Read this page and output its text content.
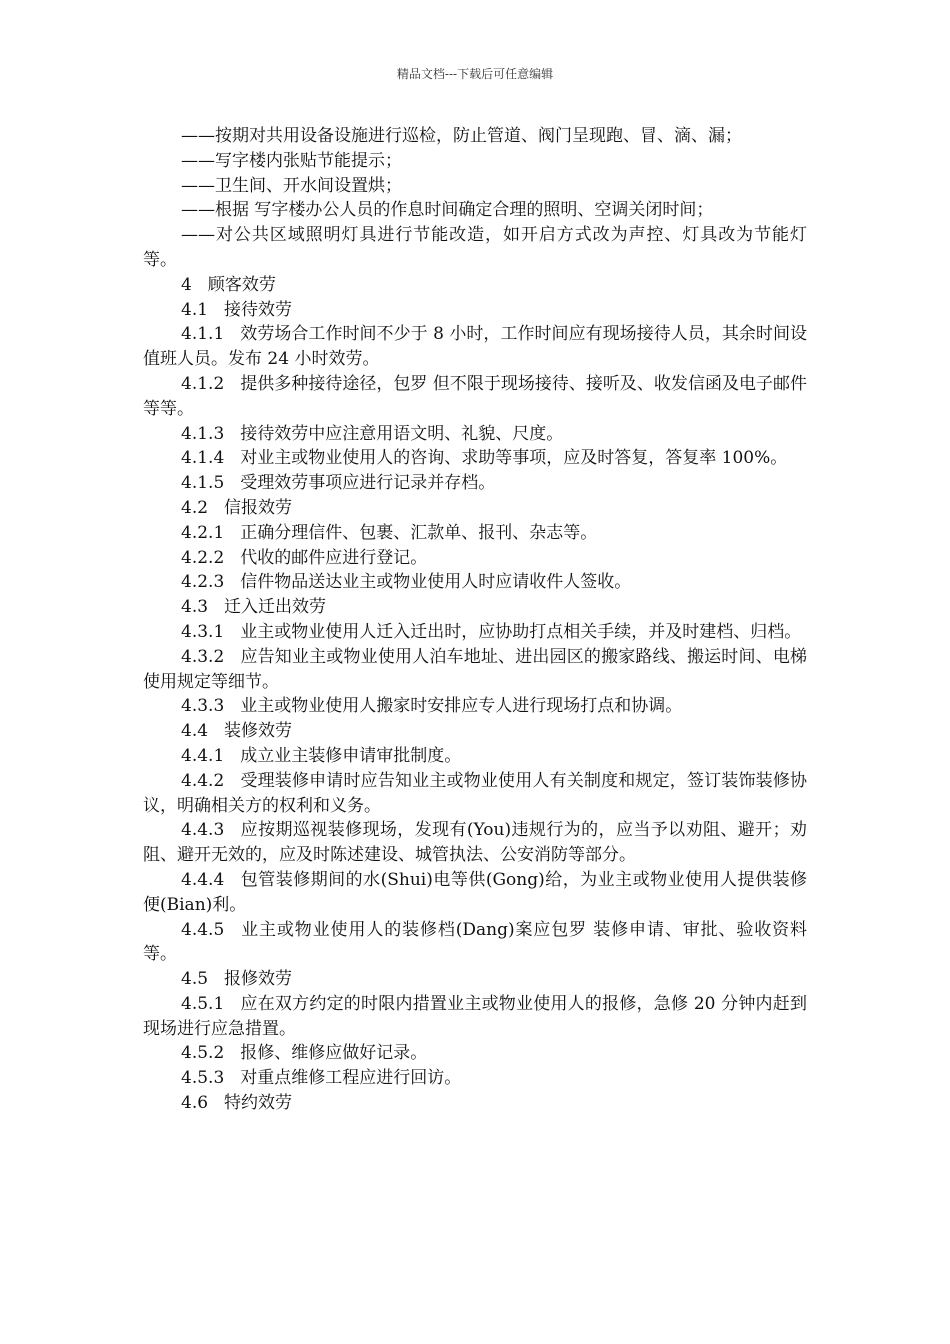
精品文档---下载后可任意编辑

——按期对共用设备设施进行巡检，防止管道、阀门呈现跑、冒、滴、漏；

——写字楼内张贴节能提示；

——卫生间、开水间设置烘；

——根据 写字楼办公人员的作息时间确定合理的照明、空调关闭时间；

——对公共区域照明灯具进行节能改造，如开启方式改为声控、灯具改为节能灯等。

4 顾客效劳

4.1 接待效劳

4.1.1 效劳场合工作时间不少于 8 小时，工作时间应有现场接待人员，其余时间设值班人员。发布 24 小时效劳。

4.1.2 提供多种接待途径，包罗 但不限于现场接待、接听及、收发信函及电子邮件等等。

4.1.3 接待效劳中应注意用语文明、礼貌、尺度。

4.1.4 对业主或物业使用人的咨询、求助等事项，应及时答复，答复率 100%。

4.1.5 受理效劳事项应进行记录并存档。

4.2 信报效劳

4.2.1 正确分理信件、包裹、汇款单、报刊、杂志等。

4.2.2 代收的邮件应进行登记。

4.2.3 信件物品送达业主或物业使用人时应请收件人签收。

4.3 迁入迁出效劳

4.3.1 业主或物业使用人迁入迁出时，应协助打点相关手续，并及时建档、归档。

4.3.2 应告知业主或物业使用人泊车地址、进出园区的搬家路线、搬运时间、电梯使用规定等细节。

4.3.3 业主或物业使用人搬家时安排应专人进行现场打点和协调。

4.4 装修效劳

4.4.1 成立业主装修申请审批制度。

4.4.2 受理装修申请时应告知业主或物业使用人有关制度和规定，签订装饰装修协议，明确相关方的权利和义务。

4.4.3 应按期巡视装修现场，发现有(You)违规行为的，应当予以劝阻、避开；劝阻、避开无效的，应及时陈述建设、城管执法、公安消防等部分。

4.4.4 包管装修期间的水(Shui)电等供(Gong)给，为业主或物业使用人提供装修便(Bian)利。

4.4.5 业主或物业使用人的装修档(Dang)案应包罗 装修申请、审批、验收资料等。

4.5 报修效劳

4.5.1 应在双方约定的时限内措置业主或物业使用人的报修，急修 20 分钟内赶到现场进行应急措置。

4.5.2 报修、维修应做好记录。

4.5.3 对重点维修工程应进行回访。

4.6 特约效劳
